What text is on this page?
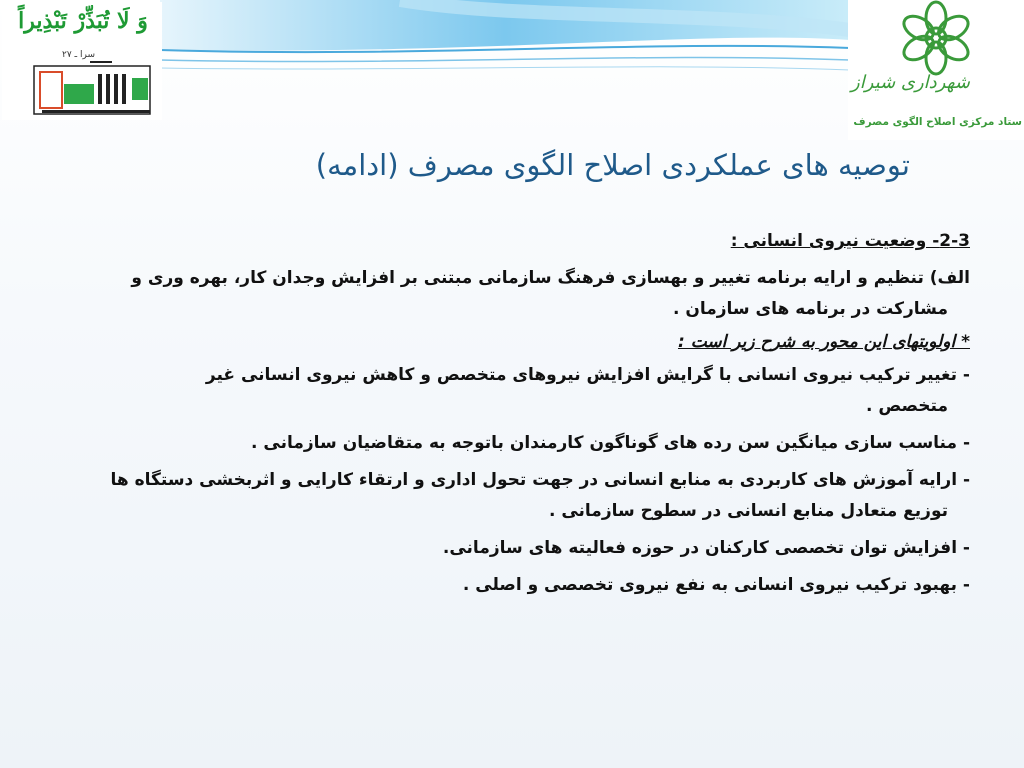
وَ لَا تُبَذِّرْ تَبْذِيراً
سرا ـ ۲۷
شهرداری شیراز
ستاد مرکزی اصلاح الگوی مصرف
توصیه های عملکردی اصلاح الگوی مصرف (ادامه)
2-3- وضعیت نیروی انسانی :
الف) تنظیم و ارایه برنامه تغییر و بهسازی فرهنگ سازمانی مبتنی بر افزایش وجدان کار، بهره وری و
مشارکت در برنامه های سازمان .
* اولویتهای این محور به شرح زیر است :
- تغییر ترکیب نیروی انسانی با گرایش افزایش نیروهای متخصص و کاهش نیروی انسانی غیر
متخصص .
- مناسب سازی میانگین سن رده های گوناگون کارمندان باتوجه به متقاضیان سازمانی .
- ارایه آموزش های کاربردی به منابع انسانی در جهت تحول اداری و ارتقاء کارایی و اثربخشی دستگاه ها
توزیع متعادل منابع انسانی در سطوح سازمانی .
- افزایش توان تخصصی کارکنان در حوزه فعالیته های سازمانی.
- بهبود ترکیب نیروی انسانی به نفع نیروی تخصصی و اصلی .
